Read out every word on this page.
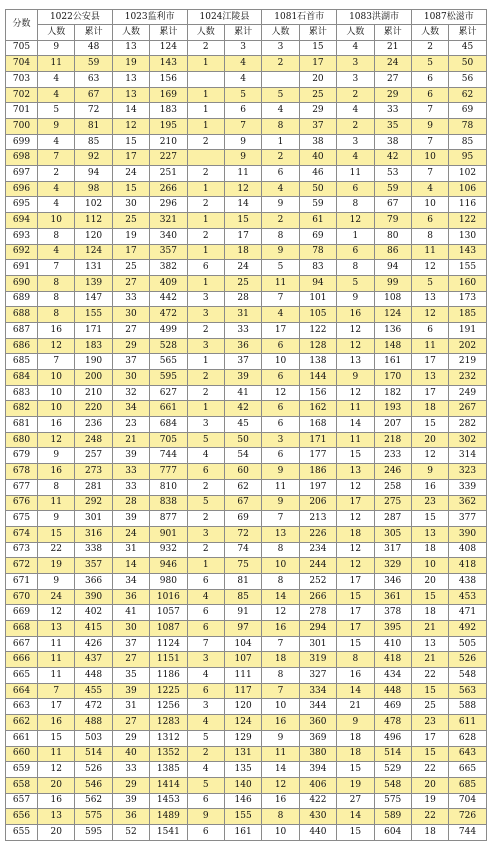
分数	1022公安县		1023监利市		1024江陵县		1081石首市		1083洪湖市		1087松滋市	
	人数	累计	人数	累计	人数	累计	人数	累计	人数	累计	人数	累计
705	9	48	13	124	2	3	3	15	4	21	2	45
704	11	59	19	143	1	4	2	17	3	24	5	50
703	4	63	13	156		4		20	3	27	6	56
702	4	67	13	169	1	5	5	25	2	29	6	62
701	5	72	14	183	1	6	4	29	4	33	7	69
700	9	81	12	195	1	7	8	37	2	35	9	78
699	4	85	15	210	2	9	1	38	3	38	7	85
698	7	92	17	227		9	2	40	4	42	10	95
697	2	94	24	251	2	11	6	46	11	53	7	102
696	4	98	15	266	1	12	4	50	6	59	4	106
695	4	102	30	296	2	14	9	59	8	67	10	116
694	10	112	25	321	1	15	2	61	12	79	6	122
693	8	120	19	340	2	17	8	69	1	80	8	130
692	4	124	17	357	1	18	9	78	6	86	11	143
691	7	131	25	382	6	24	5	83	8	94	12	155
690	8	139	27	409	1	25	11	94	5	99	5	160
689	8	147	33	442	3	28	7	101	9	108	13	173
688	8	155	30	472	3	31	4	105	16	124	12	185
687	16	171	27	499	2	33	17	122	12	136	6	191
686	12	183	29	528	3	36	6	128	12	148	11	202
685	7	190	37	565	1	37	10	138	13	161	17	219
684	10	200	30	595	2	39	6	144	9	170	13	232
683	10	210	32	627	2	41	12	156	12	182	17	249
682	10	220	34	661	1	42	6	162	11	193	18	267
681	16	236	23	684	3	45	6	168	14	207	15	282
680	12	248	21	705	5	50	3	171	11	218	20	302
679	9	257	39	744	4	54	6	177	15	233	12	314
678	16	273	33	777	6	60	9	186	13	246	9	323
677	8	281	33	810	2	62	11	197	12	258	16	339
676	11	292	28	838	5	67	9	206	17	275	23	362
675	9	301	39	877	2	69	7	213	12	287	15	377
674	15	316	24	901	3	72	13	226	18	305	13	390
673	22	338	31	932	2	74	8	234	12	317	18	408
672	19	357	14	946	1	75	10	244	12	329	10	418
671	9	366	34	980	6	81	8	252	17	346	20	438
670	24	390	36	1016	4	85	14	266	15	361	15	453
669	12	402	41	1057	6	91	12	278	17	378	18	471
668	13	415	30	1087	6	97	16	294	17	395	21	492
667	11	426	37	1124	7	104	7	301	15	410	13	505
666	11	437	27	1151	3	107	18	319	8	418	21	526
665	11	448	35	1186	4	111	8	327	16	434	22	548
664	7	455	39	1225	6	117	7	334	14	448	15	563
663	17	472	31	1256	3	120	10	344	21	469	25	588
662	16	488	27	1283	4	124	16	360	9	478	23	611
661	15	503	29	1312	5	129	9	369	18	496	17	628
660	11	514	40	1352	2	131	11	380	18	514	15	643
659	12	526	33	1385	4	135	14	394	15	529	22	665
658	20	546	29	1414	5	140	12	406	19	548	20	685
657	16	562	39	1453	6	146	16	422	27	575	19	704
656	13	575	36	1489	9	155	8	430	14	589	22	726
655	20	595	52	1541	6	161	10	440	15	604	18	744
